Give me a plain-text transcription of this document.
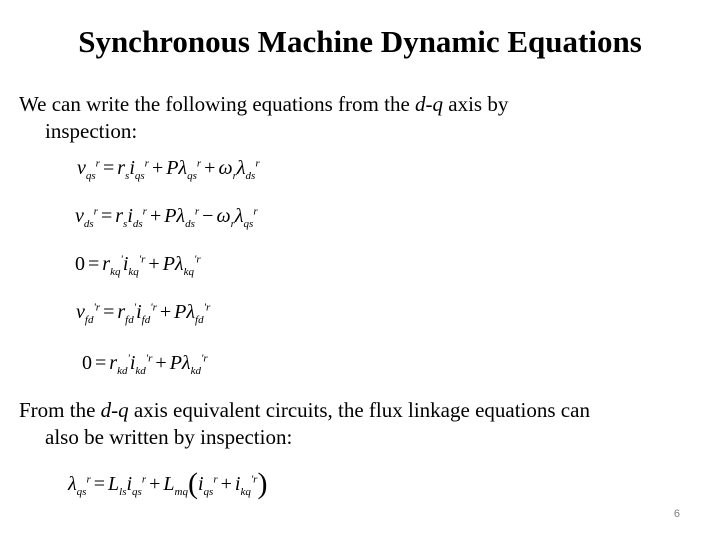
Synchronous Machine Dynamic Equations
We can write the following equations from the d-q axis by
inspection:
$v_{qs}^r = r_si_{qs}^r + P\lambda_{qs}^r + \omega_r\lambda_{ds}^r$
$v_{ds}^r = r_si_{ds}^r + P\lambda_{ds}^r - \omega_r\lambda_{qs}^r$
$0 = r_{kq}'i_{kq}^{'r} + P\lambda_{kq}^{'r}$
$v_{fd}^{'r} = r_{fd}'i_{fd}^{'r} + P\lambda_{fd}^{'r}$
$0 = r_{kd}'i_{kd}^{'r} + P\lambda_{kd}^{'r}$
From the d-q axis equivalent circuits, the flux linkage equations can
also be written by inspection:
$\lambda_{qs}^r = L_{ls}i_{qs}^r + L_{mq}(i_{qs}^r + i_{kq}^{'r})$
6
